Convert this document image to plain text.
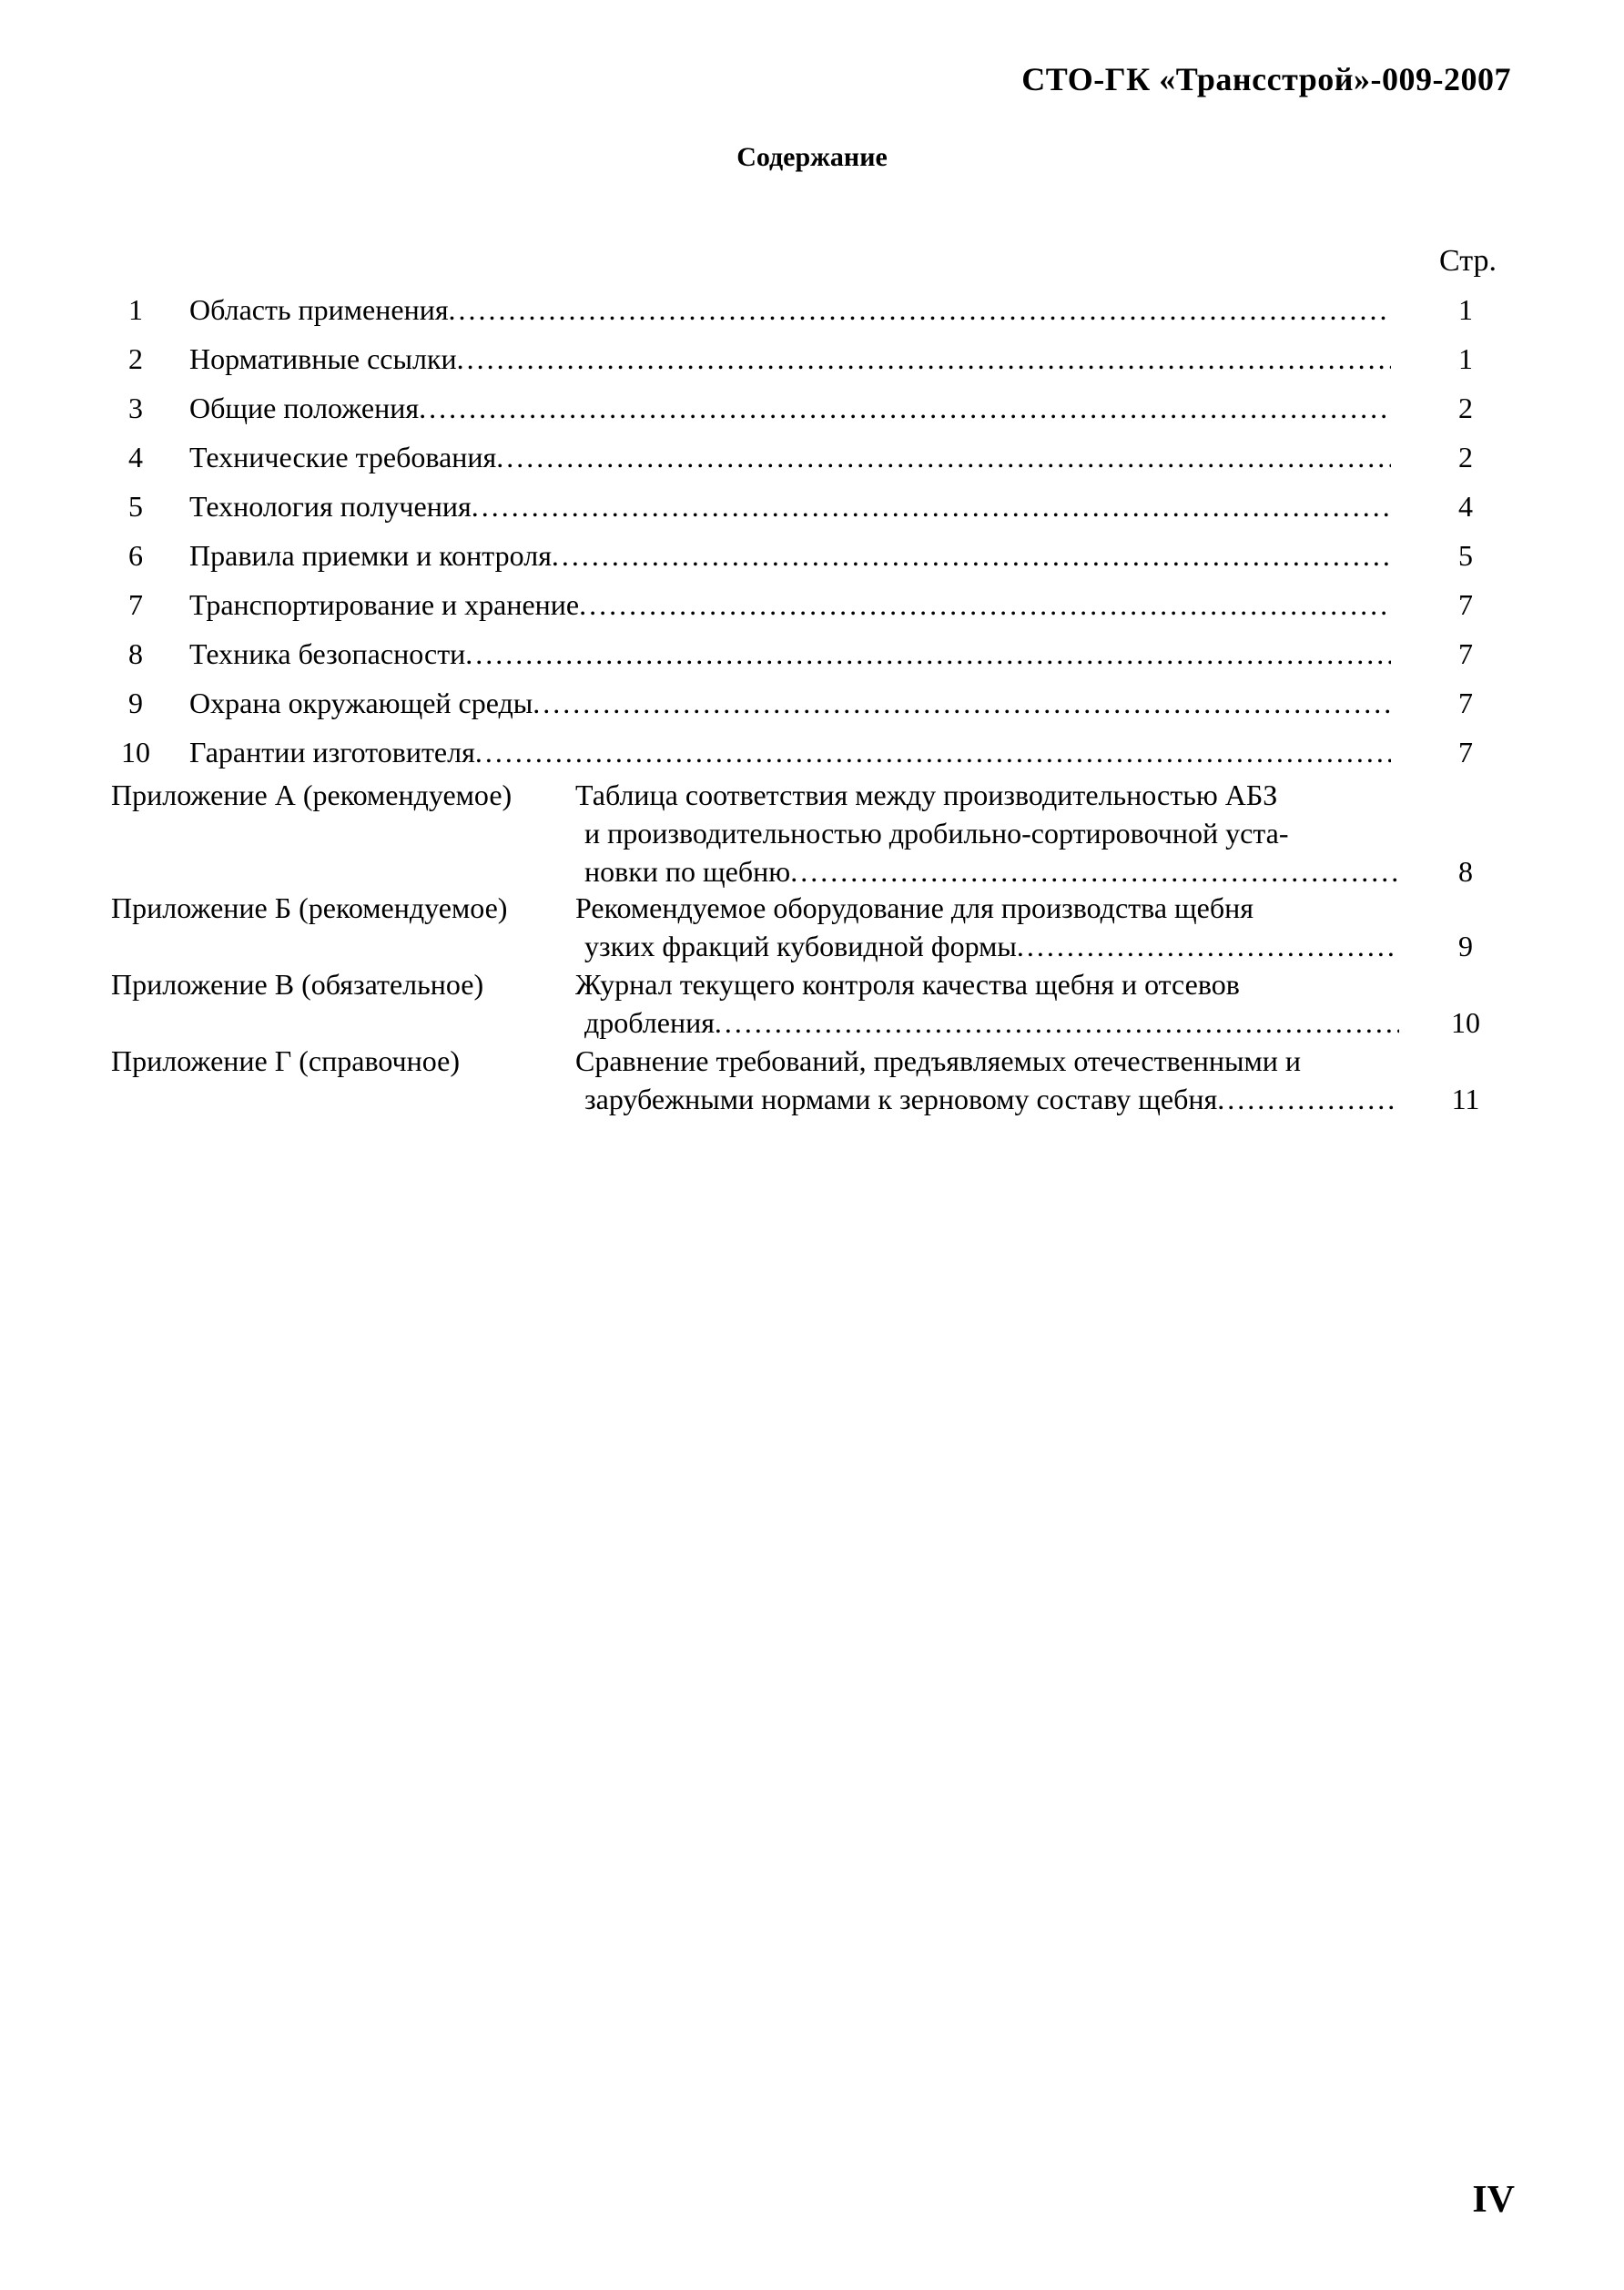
СТО-ГК «Трансстрой»-009-2007
Содержание
Стр.
1	Область применения .....	1
2	Нормативные ссылки .....	1
3	Общие положения .....	2
4	Технические требования .....	2
5	Технология получения .....	4
6	Правила приемки и контроля .....	5
7	Транспортирование и хранение .....	7
8	Техника безопасности .....	7
9	Охрана окружающей среды .....	7
10	Гарантии изготовителя .....	7
Приложение А (рекомендуемое) Таблица соответствия между производительностью АБЗ
и производительностью дробильно-сортировочной уста-
новки по щебню .....	8
Приложение Б (рекомендуемое) Рекомендуемое оборудование для производства щебня
узких фракций кубовидной формы .....	9
Приложение В (обязательное)	Журнал текущего контроля качества щебня и отсевов
дробления .....	10
Приложение Г (справочное)	Сравнение требований, предъявляемых отечественными и
зарубежными нормами к зерновому составу щебня .....	11
IV
